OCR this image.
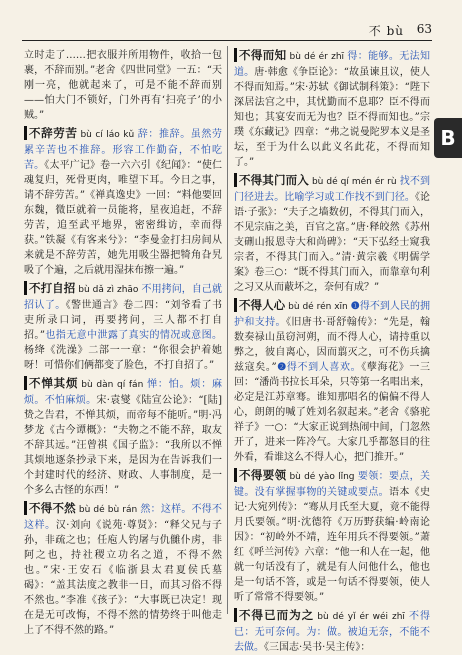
不 bù 63
B

立时走了……把衣服并所用物件，收拾一包裹，不辞而别。”老舍《四世同堂》一五：“天刚一亮，他就起来了，可是不能不辞而别——怕大门不锁好，门外再有‘扫亮子’的小贼。”

不辞劳苦 bù cí láo kǔ 辞：推辞。虽然劳累辛苦也不推辞。形容工作勤奋，不怕吃苦。《太平广记》卷一六六引《纪闻》：“使仁魂复归，死骨更肉，唯望下耳。今日之事，请不辞劳苦。”《禅真逸史》一回：“料他要回东魏，微臣就着一员能将，星夜追赶，不辞劳苦，追至武平地界，密密缉访，幸而得获。”铁凝《有客来兮》：“李曼金打扫房间从来就是不辞劳苦，她先用吸尘器把犄角旮旯吸了个遍，之后就用湿抹布擦一遍。”

不打自招 bù dǎ zì zhāo 不用拷问，自己就招认了。《警世通言》卷二四：“刘爷看了书吏所录口词，再要拷问，三人都不打自招。”也指无意中泄露了真实的情况或意图。杨绛《洗澡》二部一一章：“你很会护着她呀！可惜你们俩都变了脸色，不打自招了。”

不惮其烦 bù dàn qí fán 惮：怕。烦：麻烦。不怕麻烦。宋·袁燮《陆宣公论》：“[陆]贽之告君，不惮其烦，而帝每不能听。”明·冯梦龙《古今谭概》：“夫物之不能不辞，取友不辞其远。”汪曾祺《国子监》：“我所以不惮其烦地逐条抄录下来，是因为在告诉我们一个封建时代的经济、财政、人事制度，是一个多么古怪的东西！”

不得不然 bù dé bù rán 然：这样。不得不这样。汉·刘向《说苑·尊贤》：“释父兄与子孙，非疏之也；任庖人钓屠与仇雠仆虏，非阿之也，持社稷立功名之道，不得不然也。”宋·王安石《临浙县太君夏侯氏墓碣》：“盖其法度之教非一日，而其习俗不得不然也。”李准《孩子》：“大事既已决定！现在是无可改悔，不得不然的情势终于叫他走上了不得不然的路。”

不得而知 bù dé ér zhī 得：能够。无法知道。唐·韩愈《争臣论》：“故虽谏且议，使人不得而知焉。”宋·苏轼《御试制科策》：“陛下深居法宫之中，其忧勤而不息耶？臣不得而知也；其宴安而无为也？臣不得而知也。”宗璞《东藏记》四章：“弗之说曼陀罗本义是圣坛，至于为什么以此义名此花，不得而知了。”

不得其门而入 bù dé qí mén ér rù 找不到门径进去。比喻学习或工作找不到门径。《论语·子张》：“夫子之墙数仞，不得其门而入，不见宗庙之美，百官之富。”唐·释皎然《苏州支硎山报恩寺大和尚碑》：“天下弘经士窥我宗者，不得其门而入。”清·黄宗羲《明儒学案》卷三○：“既不得其门而入，而靠章句利之习又从而蔽坏之，奈何有成？”

不得人心 bù dé rén xīn ❶得不到人民的拥护和支持。《旧唐书·哥舒翰传》：“先是，翰数奏禄山虽窃河朔，而不得人心，请持重以弊之，彼自离心，因而翦灭之，可不伤兵擒兹寇矣。”❷得不到人喜欢。《孽海花》一三回：“潘尚书拉长耳朵，只等第一名唱出来，必定是江苏章骞。谁知那唱名的偏偏不得人心，朗朗的喊了姓刘名叙起来。”老舍《骆驼祥子》一○：“大家正说到热闹中间，门忽然开了，进来一阵冷气。大家几乎都怒目的往外看，看谁这么不得人心，把门推开。”

不得要领 bù dé yào lǐng 要领：要点，关键。没有掌握事物的关键或要点。语本《史记·大宛列传》：“骞从月氏至大夏，竟不能得月氏要领。”明·沈德符《万历野获编·岭南论因》：“初岭外不靖，连年用兵不得要领。”萧红《呼兰河传》六章：“他一和人在一起，他就一句话没有了，就是有人问他什么，他也是一句话不答，或是一句话不得要领，使人听了常常不得要领。”

不得已而为之 bù dé yǐ ér wéi zhī 不得已：无可奈何。为：做。被迫无奈，不能不去做。《三国志·吴书·吴主传》：
